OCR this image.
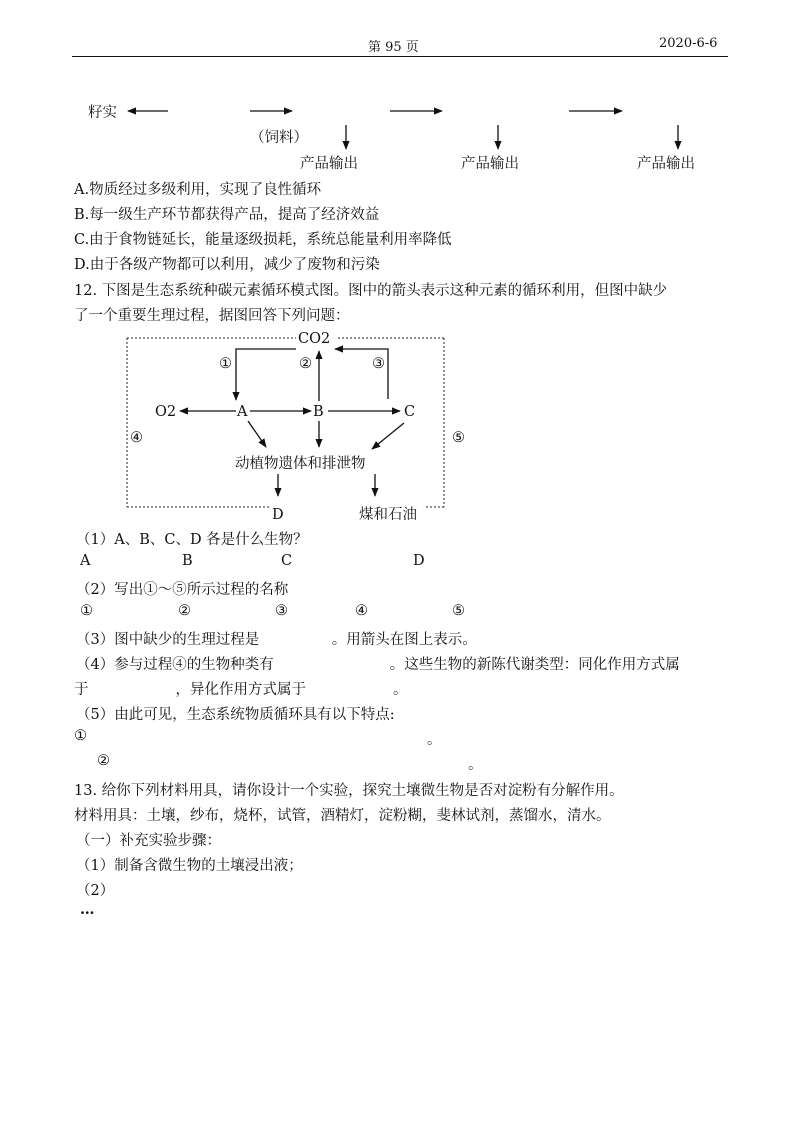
第 95 页	2020-6-6
籽实
（饲料）
产品输出	产品输出	产品输出
CO2
O2	A	B	C
动植物遗体和排泄物
D	煤和石油
①	②	③
④	⑤
A.物质经过多级利用，实现了良性循环
B.每一级生产环节都获得产品，提高了经济效益
C.由于食物链延长，能量逐级损耗，系统总能量利用率降低
D.由于各级产物都可以利用，减少了废物和污染
12. 下图是生态系统种碳元素循环模式图。图中的箭头表示这种元素的循环利用，但图中缺少
了一个重要生理过程，据图回答下列问题：
（1）A、B、C、D 各是什么生物？
A	B	C	D
（2）写出①～⑤所示过程的名称
①	②	③	④	⑤
（3）图中缺少的生理过程是　　　　　。用箭头在图上表示。
（4）参与过程④的生物种类有　　　　　　　　。这些生物的新陈代谢类型：同化作用方式属
于　　　　　　，异化作用方式属于　　　　　　。
（5）由此可见，生态系统物质循环具有以下特点:
①	。
②	。
13. 给你下列材料用具，请你设计一个实验，探究土壤微生物是否对淀粉有分解作用。
材料用具：土壤，纱布，烧杯，试管，酒精灯，淀粉糊，斐林试剂，蒸馏水，清水。
（一）补充实验步骤：
（1）制备含微生物的土壤浸出液；
（2）
…
